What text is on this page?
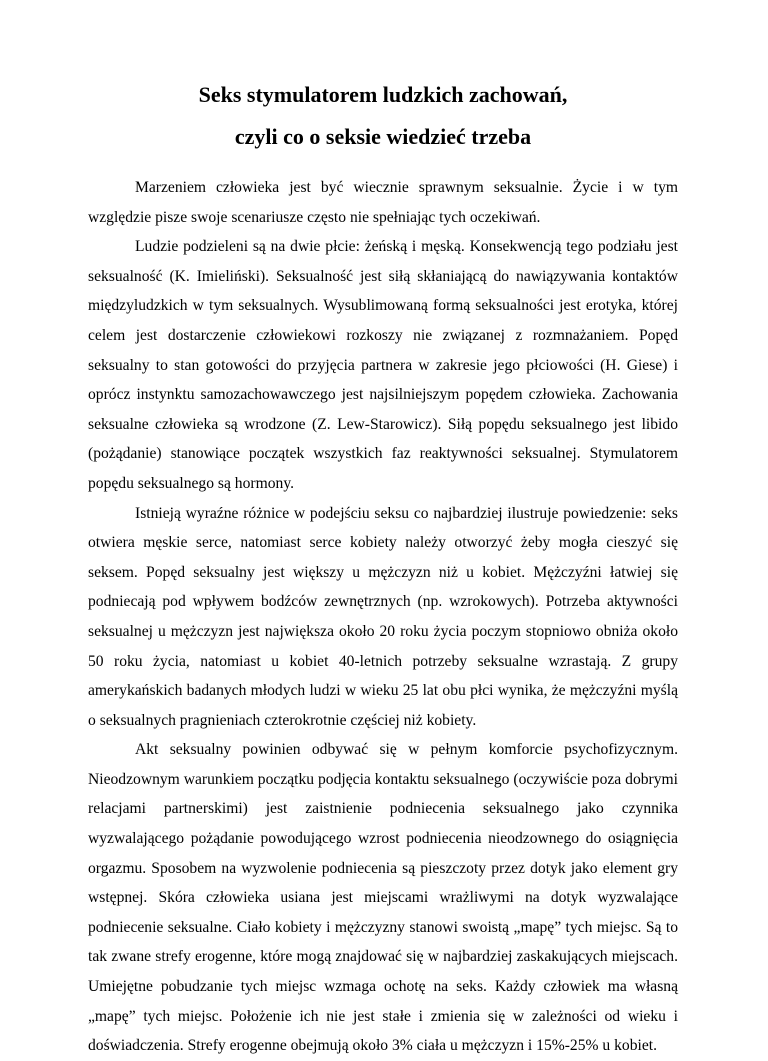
Seks stymulatorem ludzkich zachowań,

czyli co o seksie wiedzieć trzeba

Marzeniem człowieka jest być wiecznie sprawnym seksualnie. Życie i w tym względzie pisze swoje scenariusze często nie spełniając tych oczekiwań.

Ludzie podzieleni są na dwie płcie: żeńską i męską. Konsekwencją tego podziału jest seksualność (K. Imieliński). Seksualność jest siłą skłaniającą do nawiązywania kontaktów międzyludzkich w tym seksualnych. Wysublimowaną formą seksualności jest erotyka, której celem jest dostarczenie człowiekowi rozkoszy nie związanej z rozmnażaniem. Popęd seksualny to stan gotowości do przyjęcia partnera w zakresie jego płciowości (H. Giese) i oprócz instynktu samozachowawczego jest najsilniejszym popędem człowieka. Zachowania seksualne człowieka są wrodzone (Z. Lew-Starowicz). Siłą popędu seksualnego jest libido (pożądanie) stanowiące początek wszystkich faz reaktywności seksualnej. Stymulatorem popędu seksualnego są hormony.

Istnieją wyraźne różnice w podejściu seksu co najbardziej ilustruje powiedzenie: seks otwiera męskie serce, natomiast serce kobiety należy otworzyć żeby mogła cieszyć się seksem. Popęd seksualny jest większy u mężczyzn niż u kobiet. Mężczyźni łatwiej się podniecają pod wpływem bodźców zewnętrznych (np. wzrokowych). Potrzeba aktywności seksualnej u mężczyzn jest największa około 20 roku życia poczym stopniowo obniża około 50 roku życia, natomiast u kobiet 40-letnich potrzeby seksualne wzrastają. Z grupy amerykańskich badanych młodych ludzi w wieku 25 lat obu płci wynika, że mężczyźni myślą o seksualnych pragnieniach czterokrotnie częściej niż kobiety.

Akt seksualny powinien odbywać się w pełnym komforcie psychofizycznym. Nieodzownym warunkiem początku podjęcia kontaktu seksualnego (oczywiście poza dobrymi relacjami partnerskimi) jest zaistnienie podniecenia seksualnego jako czynnika wyzwalającego pożądanie powodującego wzrost podniecenia nieodzownego do osiągnięcia orgazmu. Sposobem na wyzwolenie podniecenia są pieszczoty przez dotyk jako element gry wstępnej. Skóra człowieka usiana jest miejscami wrażliwymi na dotyk wyzwalające podniecenie seksualne. Ciało kobiety i mężczyzny stanowi swoistą „mapę” tych miejsc. Są to tak zwane strefy erogenne, które mogą znajdować się w najbardziej zaskakujących miejscach. Umiejętne pobudzanie tych miejsc wzmaga ochotę na seks. Każdy człowiek ma własną „mapę” tych miejsc. Położenie ich nie jest stałe i zmienia się w zależności od wieku i doświadczenia. Strefy erogenne obejmują około 3% ciała u mężczyzn i 15%-25% u kobiet.
